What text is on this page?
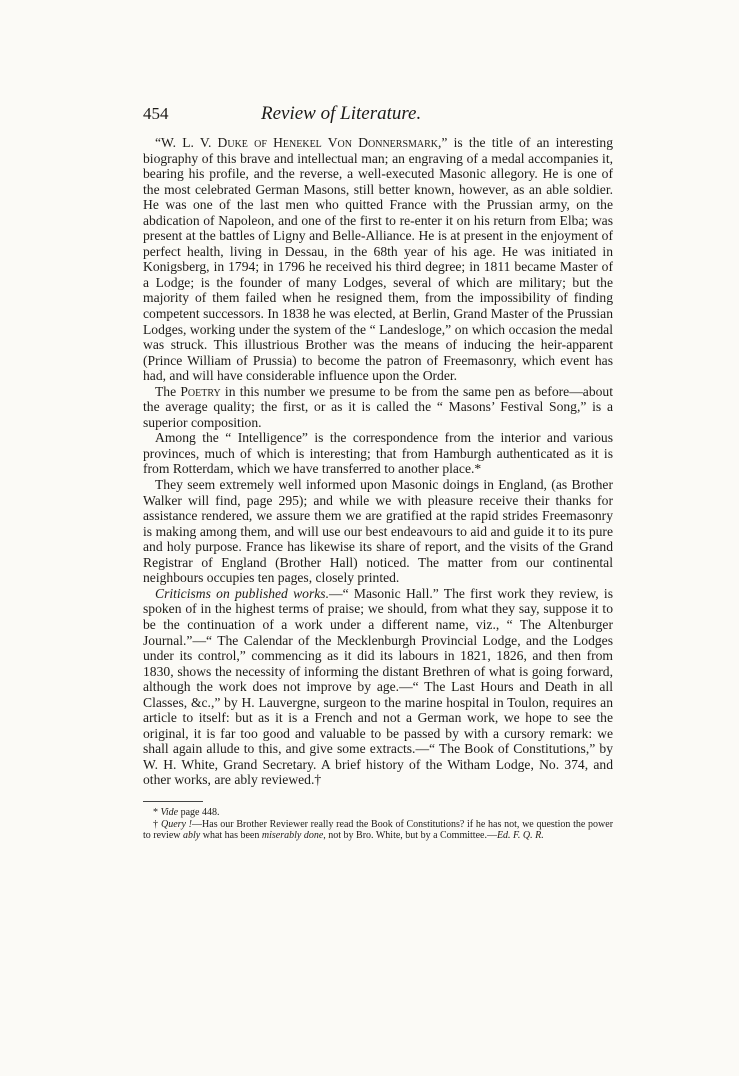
454	Review of Literature.

“W. L. V. Duke of Henekel Von Donnersmark,” is the title of an interesting biography of this brave and intellectual man; an engraving of a medal accompanies it, bearing his profile, and the reverse, a well-executed Masonic allegory. He is one of the most celebrated German Masons, still better known, however, as an able soldier. He was one of the last men who quitted France with the Prussian army, on the abdication of Napoleon, and one of the first to re-enter it on his return from Elba; was present at the battles of Ligny and Belle-Alliance. He is at present in the enjoyment of perfect health, living in Dessau, in the 68th year of his age. He was initiated in Konigsberg, in 1794; in 1796 he received his third degree; in 1811 became Master of a Lodge; is the founder of many Lodges, several of which are military; but the majority of them failed when he resigned them, from the impossibility of finding competent successors. In 1838 he was elected, at Berlin, Grand Master of the Prussian Lodges, working under the system of the “ Landesloge,” on which occasion the medal was struck. This illustrious Brother was the means of inducing the heir-apparent (Prince William of Prussia) to become the patron of Freemasonry, which event has had, and will have considerable influence upon the Order.

The Poetry in this number we presume to be from the same pen as before—about the average quality; the first, or as it is called the “ Masons’ Festival Song,” is a superior composition.

Among the “ Intelligence” is the correspondence from the interior and various provinces, much of which is interesting; that from Hamburgh authenticated as it is from Rotterdam, which we have transferred to another place.*

They seem extremely well informed upon Masonic doings in England, (as Brother Walker will find, page 295); and while we with pleasure receive their thanks for assistance rendered, we assure them we are gratified at the rapid strides Freemasonry is making among them, and will use our best endeavours to aid and guide it to its pure and holy purpose. France has likewise its share of report, and the visits of the Grand Registrar of England (Brother Hall) noticed. The matter from our continental neighbours occupies ten pages, closely printed.

Criticisms on published works.—“ Masonic Hall.” The first work they review, is spoken of in the highest terms of praise; we should, from what they say, suppose it to be the continuation of a work under a different name, viz., “ The Altenburger Journal.”—“ The Calendar of the Mecklenburgh Provincial Lodge, and the Lodges under its control,” commencing as it did its labours in 1821, 1826, and then from 1830, shows the necessity of informing the distant Brethren of what is going forward, although the work does not improve by age.—“ The Last Hours and Death in all Classes, &c.,” by H. Lauvergne, surgeon to the marine hospital in Toulon, requires an article to itself: but as it is a French and not a German work, we hope to see the original, it is far too good and valuable to be passed by with a cursory remark: we shall again allude to this, and give some extracts.—“ The Book of Constitutions,” by W. H. White, Grand Secretary. A brief history of the Witham Lodge, No. 374, and other works, are ably reviewed.†

* Vide page 448.

† Query !—Has our Brother Reviewer really read the Book of Constitutions? if he has not, we question the power to review ably what has been miserably done, not by Bro. White, but by a Committee.—Ed. F. Q. R.
